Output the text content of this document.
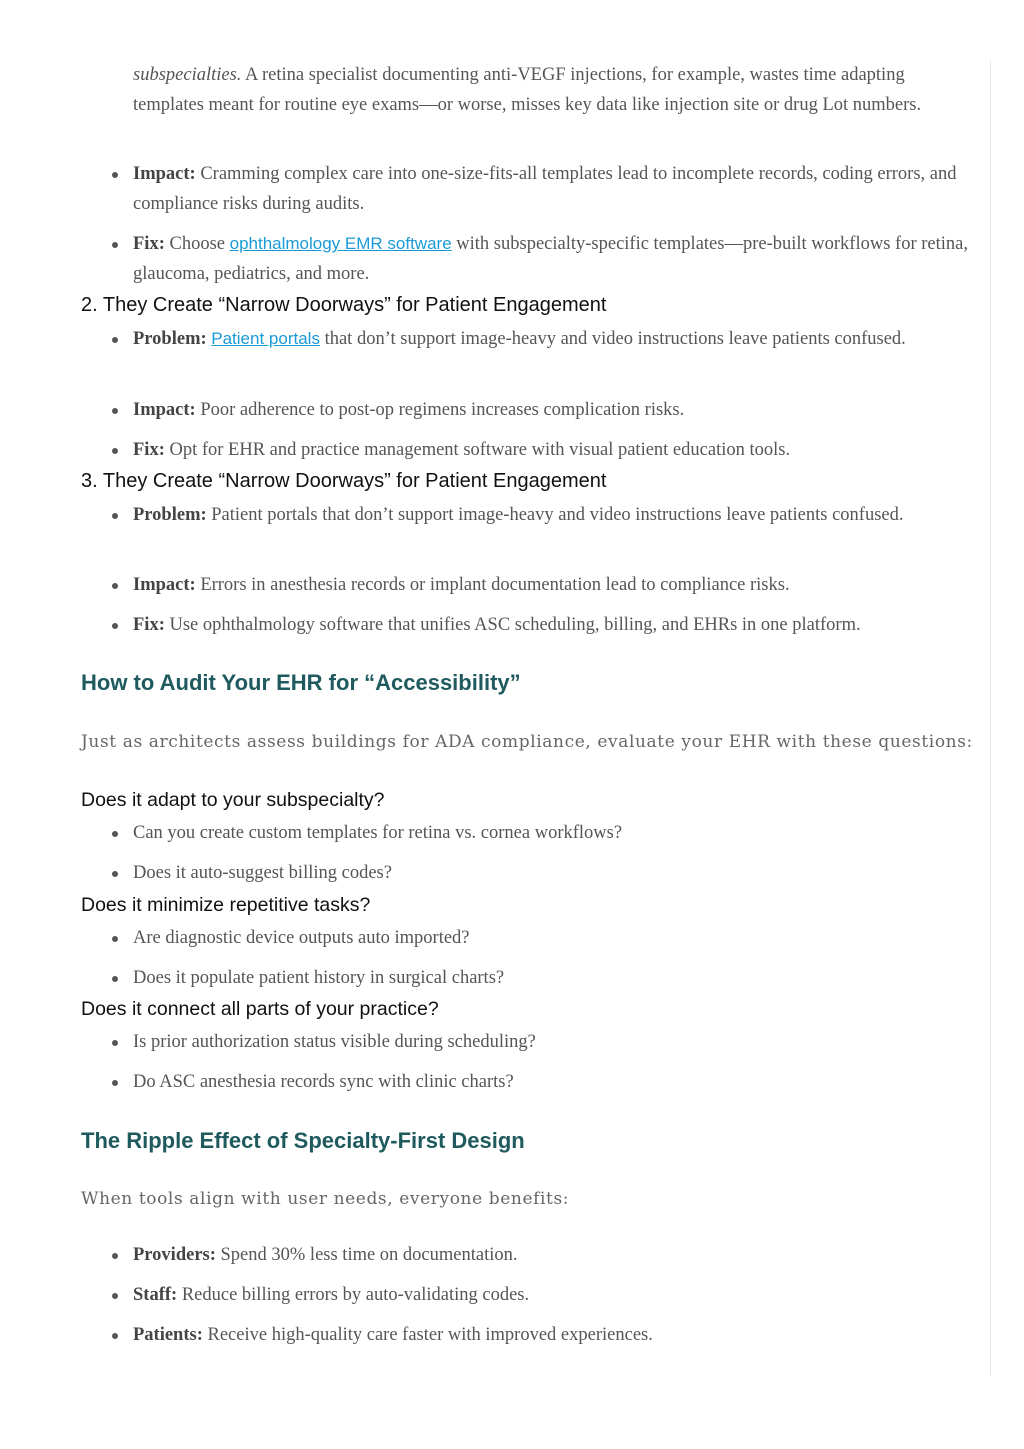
subspecialties. A retina specialist documenting anti-VEGF injections, for example, wastes time adapting templates meant for routine eye exams—or worse, misses key data like injection site or drug Lot numbers.

Impact: Cramming complex care into one-size-fits-all templates lead to incomplete records, coding errors, and compliance risks during audits.

Fix: Choose ophthalmology EMR software with subspecialty-specific templates—pre-built workflows for retina, glaucoma, pediatrics, and more.

2. They Create “Narrow Doorways” for Patient Engagement

Problem: Patient portals that don’t support image-heavy and video instructions leave patients confused.

Impact: Poor adherence to post-op regimens increases complication risks.

Fix: Opt for EHR and practice management software with visual patient education tools.

3. They Create “Narrow Doorways” for Patient Engagement

Problem: Patient portals that don’t support image-heavy and video instructions leave patients confused.

Impact: Errors in anesthesia records or implant documentation lead to compliance risks.

Fix: Use ophthalmology software that unifies ASC scheduling, billing, and EHRs in one platform.

How to Audit Your EHR for “Accessibility”
Just as architects assess buildings for ADA compliance, evaluate your EHR with these questions:
Does it adapt to your subspecialty?

Can you create custom templates for retina vs. cornea workflows?

Does it auto-suggest billing codes?

Does it minimize repetitive tasks?

Are diagnostic device outputs auto imported?

Does it populate patient history in surgical charts?

Does it connect all parts of your practice?

Is prior authorization status visible during scheduling?

Do ASC anesthesia records sync with clinic charts?

The Ripple Effect of Specialty-First Design
When tools align with user needs, everyone benefits:

Providers: Spend 30% less time on documentation.

Staff: Reduce billing errors by auto-validating codes.

Patients: Receive high-quality care faster with improved experiences.
